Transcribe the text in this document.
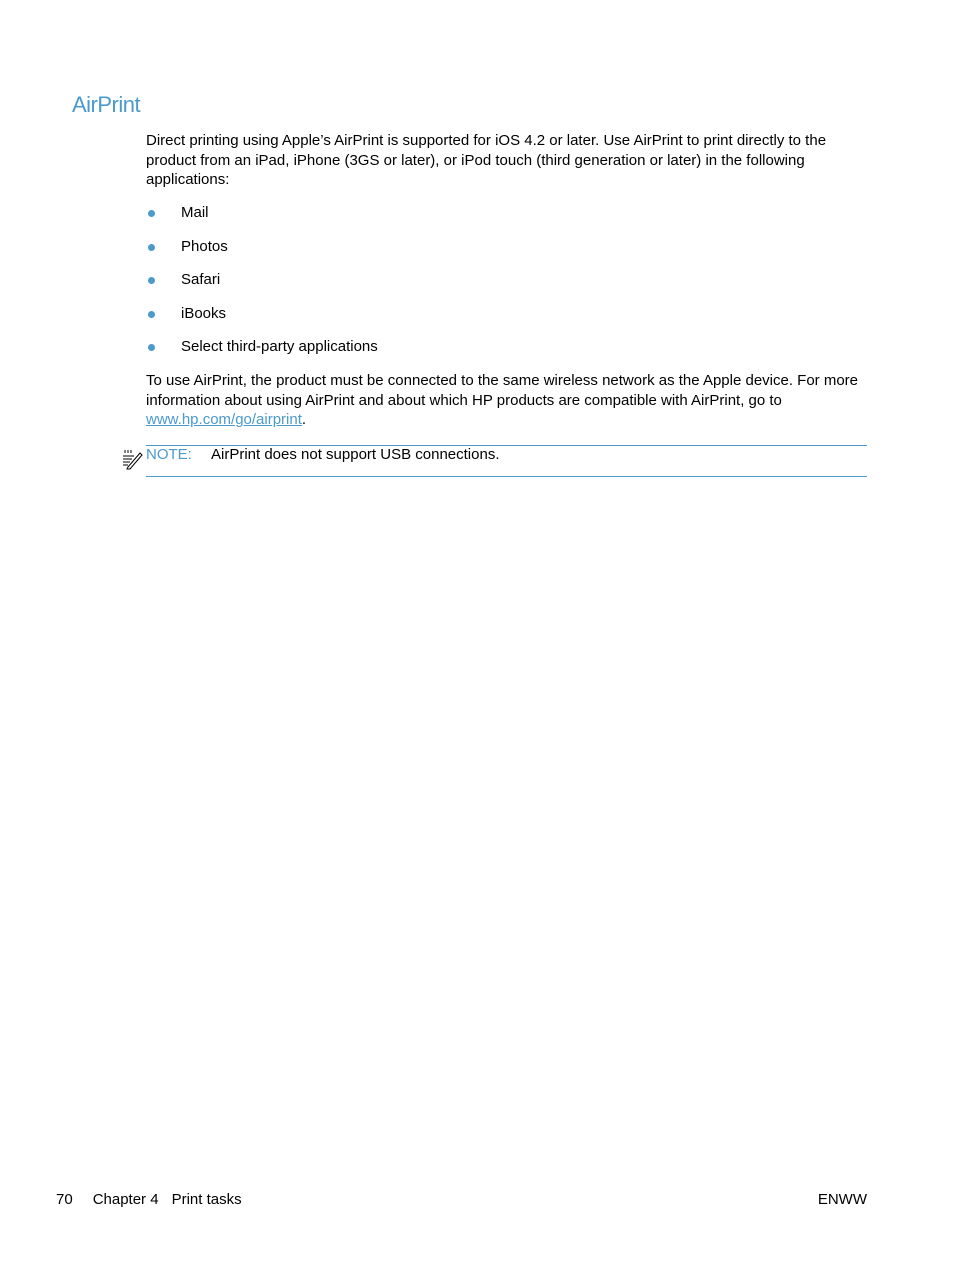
AirPrint

Direct printing using Apple’s AirPrint is supported for iOS 4.2 or later. Use AirPrint to print directly to the product from an iPad, iPhone (3GS or later), or iPod touch (third generation or later) in the following applications:

Mail
Photos
Safari
iBooks
Select third-party applications

To use AirPrint, the product must be connected to the same wireless network as the Apple device. For more information about using AirPrint and about which HP products are compatible with AirPrint, go to www.hp.com/go/airprint.

NOTE: AirPrint does not support USB connections.
70 Chapter 4 Print tasks	ENWW
